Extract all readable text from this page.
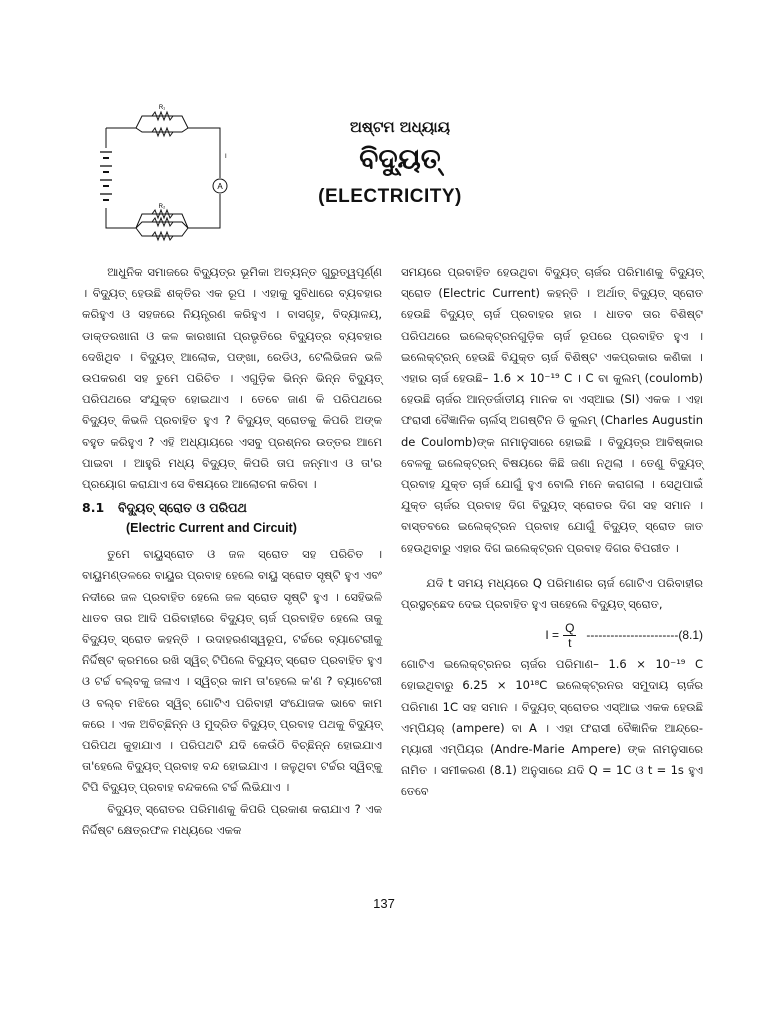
A
R₁
R₂
I
ଅଷ୍ଟମ ଅଧ୍ୟାୟ
ବିଦ୍ୟୁତ୍
(ELECTRICITY)

ଆଧୁନିକ ସମାଜରେ ବିଦ୍ୟୁତ୍‌ର ଭୂମିକା ଅତ୍ୟନ୍ତ ଗୁରୁତ୍ୱପୂର୍ଣ୍ଣ । ବିଦ୍ୟୁତ୍ ହେଉଛି ଶକ୍ତିର ଏକ ରୂପ । ଏହାକୁ ସୁବିଧାରେ ବ୍ୟବହାର କରିହୁଏ ଓ ସହଜରେ ନିୟନ୍ତ୍ରଣ କରିହୁଏ । ବାସଗୃହ, ବିଦ୍ୟାଳୟ, ଡାକ୍ତରଖାନା ଓ କଳ କାରଖାନା ପ୍ରଭୃତିରେ ବିଦ୍ୟୁତ୍‌ର ବ୍ୟବହାର ଦେଖିଥିବ । ବିଦ୍ୟୁତ୍ ଆଲୋକ, ପଙ୍ଖା, ରେଡିଓ, ଟେଲିଭିଜନ ଭଳି ଉପକରଣ ସହ ତୁମେ ପରିଚିତ । ଏଗୁଡ଼ିକ ଭିନ୍ନ ଭିନ୍ନ ବିଦ୍ୟୁତ୍ ପରିପଥରେ ସଂଯୁକ୍ତ ହୋଇଥାଏ । ତେବେ ଜାଣ କି ପରିପଥରେ ବିଦ୍ୟୁତ୍ କିଭଳି ପ୍ରବାହିତ ହୁଏ ? ବିଦ୍ୟୁତ୍ ସ୍ରୋତକୁ କିପରି ଅଙ୍କ ବହୁତ କରିହୁଏ ? ଏହି ଅଧ୍ୟାୟରେ ଏସବୁ ପ୍ରଶ୍ନର ଉତ୍ତର ଆମେ ପାଇବା । ଆହୁରି ମଧ୍ୟ ବିଦ୍ୟୁତ୍ କିପରି ତାପ ଜନ୍ମାଏ ଓ ତା'ର ପ୍ରୟୋଗ କରାଯାଏ ସେ ବିଷୟରେ ଆଲୋଚନା କରିବା ।

8.1	ବିଦ୍ୟୁତ୍ ସ୍ରୋତ ଓ ପରିପଥ
(Electric Current and Circuit)

ତୁମେ ବାୟୁସ୍ରୋତ ଓ ଜଳ ସ୍ରୋତ ସହ ପରିଚିତ । ବାୟୁମଣ୍ଡଳରେ ବାୟୁର ପ୍ରବାହ ହେଲେ ବାୟୁ ସ୍ରୋତ ସୃଷ୍ଟି ହୁଏ ଏବଂ ନଦୀରେ ଜଳ ପ୍ରବାହିତ ହେଲେ ଜଳ ସ୍ରୋତ ସୃଷ୍ଟି ହୁଏ । ସେହିଭଳି ଧାତବ ତାର ଆଦି ପରିବାହୀରେ ବିଦ୍ୟୁତ୍ ଚାର୍ଜ ପ୍ରବାହିତ ହେଲେ ତାକୁ ବିଦ୍ୟୁତ୍ ସ୍ରୋତ କହନ୍ତି । ଉଦାହରଣସ୍ୱରୂପ, ଟର୍ଚ୍ଚରେ ବ୍ୟାଟେରୀକୁ ନିର୍ଦ୍ଦିଷ୍ଟ କ୍ରମରେ ରଖି ସ୍ୱିଚ୍ ଟିପିଲେ ବିଦ୍ୟୁତ୍ ସ୍ରୋତ ପ୍ରବାହିତ ହୁଏ ଓ ଟର୍ଚ୍ଚ ବଲ୍‌ବକୁ ଜଳାଏ । ସ୍ୱିଚ୍‌ର କାମ ତା'ହେଲେ କ'ଣ ? ବ୍ୟାଟେରୀ ଓ ବଲ୍‌ବ ମଝିରେ ସ୍ୱିଚ୍ ଗୋଟିଏ ପରିବାହୀ ସଂଯୋଜକ ଭାବେ କାମ କରେ । ଏକ ଅବିଚ୍ଛିନ୍ନ ଓ ମୁଦ୍ରିତ ବିଦ୍ୟୁତ୍ ପ୍ରବାହ ପଥକୁ ବିଦ୍ୟୁତ୍ ପରିପଥ କୁହାଯାଏ । ପରିପଥଟି ଯଦି କେଉଁଠି ବିଚ୍ଛିନ୍ନ ହୋଇଯାଏ ତା'ହେଲେ ବିଦ୍ୟୁତ୍ ପ୍ରବାହ ବନ୍ଦ ହୋଇଯାଏ । ଜଳୁଥିବା ଟର୍ଚ୍ଚର ସ୍ୱିଚ୍‌କୁ ଟିପି ବିଦ୍ୟୁତ୍ ପ୍ରବାହ ବନ୍ଦକଲେ ଟର୍ଚ୍ଚ ଲିଭିଯାଏ ।

ବିଦ୍ୟୁତ୍ ସ୍ରୋତର ପରିମାଣକୁ କିପରି ପ୍ରକାଶ କରାଯାଏ ? ଏକ ନିର୍ଦ୍ଦିଷ୍ଟ କ୍ଷେତ୍ରଫଳ ମଧ୍ୟରେ ଏକକ

ସମୟରେ ପ୍ରବାହିତ ହେଉଥିବା ବିଦ୍ୟୁତ୍ ଚାର୍ଜର ପରିମାଣକୁ ବିଦ୍ୟୁତ୍ ସ୍ରୋତ (Electric Current) କହନ୍ତି । ଅର୍ଥାତ୍ ବିଦ୍ୟୁତ୍ ସ୍ରୋତ ହେଉଛି ବିଦ୍ୟୁତ୍ ଚାର୍ଜ ପ୍ରବାହର ହାର । ଧାତବ ତାର ବିଶିଷ୍ଟ ପରିପଥରେ ଇଲେକ୍‌ଟ୍ରନଗୁଡ଼ିକ ଚାର୍ଜ ରୂପରେ ପ୍ରବାହିତ ହୁଏ । ଇଲେକ୍‌ଟ୍ରନ୍ ହେଉଛି ବିଯୁକ୍ତ ଚାର୍ଜ ବିଶିଷ୍ଟ ଏକପ୍ରକାର କଣିକା । ଏହାର ଚାର୍ଜ ହେଉଛି– 1.6 × 10⁻¹⁹ C । C ବା କୁଲମ୍ (coulomb) ହେଉଛି ଚାର୍ଜର ଆନ୍ତର୍ଜାତୀୟ ମାନକ ବା ଏସ୍‌ଆଇ (SI) ଏକକ । ଏହା ଫରାସୀ ବୈଜ୍ଞାନିକ ଚାର୍ଲସ୍ ଅଗଷ୍ଟିନ ଡି କୁଲମ୍ (Charles Augustin de Coulomb)ଙ୍କ ନାମାନୁସାରେ ହୋଇଛି । ବିଦ୍ୟୁତ୍‌ର ଆବିଷ୍କାର ବେଳକୁ ଇଲେକ୍‌ଟ୍ରନ୍ ବିଷୟରେ କିଛି ଜଣା ନଥିଲା । ତେଣୁ ବିଦ୍ୟୁତ୍ ପ୍ରବାହ ଯୁକ୍ତ ଚାର୍ଜ ଯୋଗୁଁ ହୁଏ ବୋଲି ମନେ କରାଗଲା । ସେଥିପାଇଁ ଯୁକ୍ତ ଚାର୍ଜର ପ୍ରବାହ ଦିଗ ବିଦ୍ୟୁତ୍ ସ୍ରୋତର ଦିଗ ସହ ସମାନ । ବାସ୍ତବରେ ଇଲେକ୍‌ଟ୍ରନ ପ୍ରବାହ ଯୋଗୁଁ ବିଦ୍ୟୁତ୍ ସ୍ରୋତ ଜାତ ହେଉଥିବାରୁ ଏହାର ଦିଗ ଇଲେକ୍‌ଟ୍ରନ ପ୍ରବାହ ଦିଗର ବିପରୀତ ।

ଯଦି t ସମୟ ମଧ୍ୟରେ Q ପରିମାଣର ଚାର୍ଜ ଗୋଟିଏ ପରିବାହୀର ପ୍ରସ୍ଥଚ୍ଛେଦ ଦେଇ ପ୍ରବାହିତ ହୁଏ ତାହେଲେ ବିଦ୍ୟୁତ୍ ସ୍ରୋତ,

$I = \frac{Q}{t} -----------------------(8.1)$

ଗୋଟିଏ ଇଲେକ୍‌ଟ୍ରନର ଚାର୍ଜର ପରିମାଣ– 1.6 × 10⁻¹⁹ C ହୋଇଥିବାରୁ 6.25 × 10¹⁸C ଇଲେକ୍‌ଟ୍ରନର ସମୁଦାୟ ଚାର୍ଜର ପରିମାଣ 1C ସହ ସମାନ । ବିଦ୍ୟୁତ୍ ସ୍ରୋତର ଏସ୍‌ଆଇ ଏକକ ହେଉଛି ଏମ୍ପିୟର୍ (ampere) ବା A । ଏହା ଫରାସୀ ବୈଜ୍ଞାନିକ ଆନ୍ଦ୍ରେ-ମ୍ୟାରୀ ଏମ୍ପିୟର (Andre-Marie Ampere) ଙ୍କ ନାମନୁସାରେ ନାମିତ । ସମୀକରଣ (8.1) ଅନୁସାରେ ଯଦି Q = 1C ଓ t = 1s ହୁଏ ତେବେ

137
